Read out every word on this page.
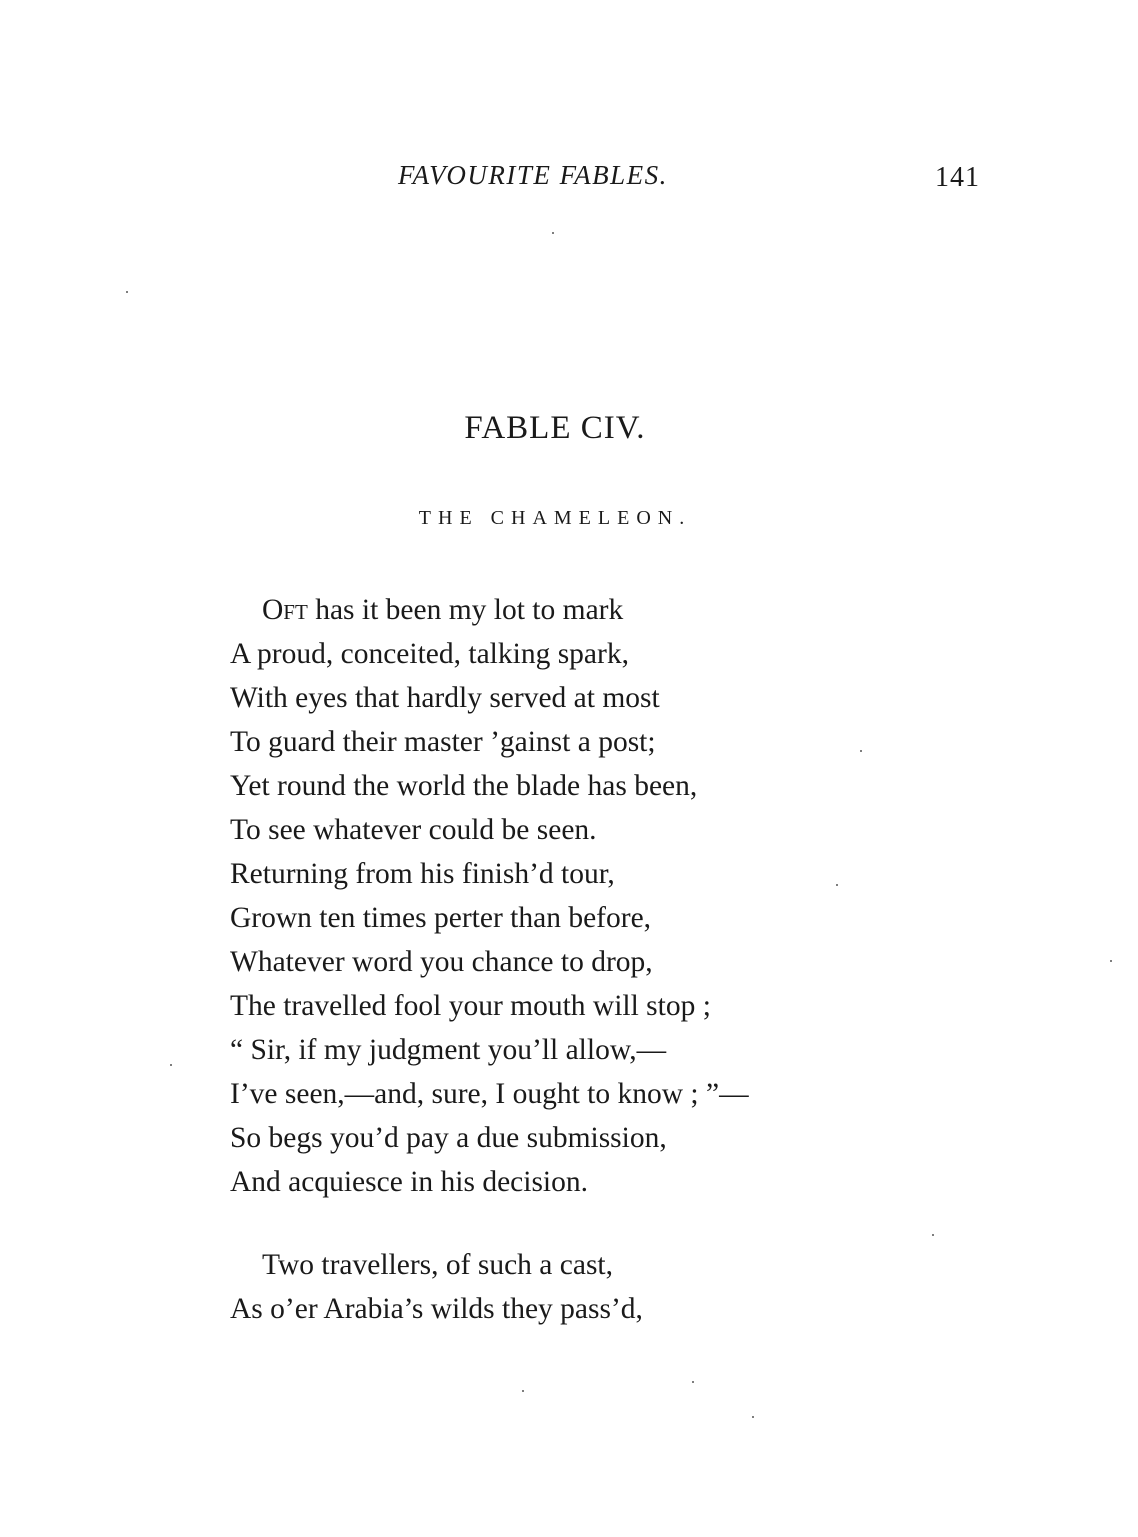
FAVOURITE FABLES.	141
FABLE CIV.
THE CHAMELEON.
Oft has it been my lot to mark
A proud, conceited, talking spark,
With eyes that hardly served at most
To guard their master ’gainst a post;
Yet round the world the blade has been,
To see whatever could be seen.
Returning from his finish’d tour,
Grown ten times perter than before,
Whatever word you chance to drop,
The travelled fool your mouth will stop ;
“ Sir, if my judgment you’ll allow,—
I’ve seen,—and, sure, I ought to know ; ”—
So begs you’d pay a due submission,
And acquiesce in his decision.
Two travellers, of such a cast,
As o’er Arabia’s wilds they pass’d,
